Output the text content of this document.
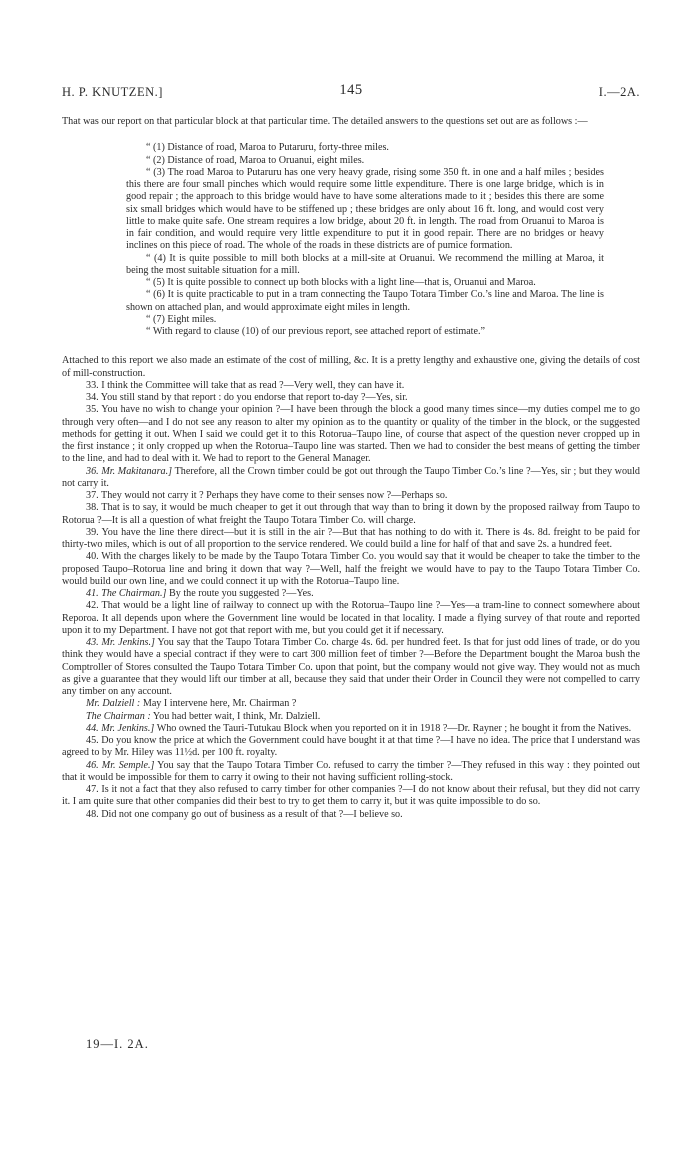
H. P. KNUTZEN.]	145	I.—2A.

That was our report on that particular block at that particular time. The detailed answers to the questions set out are as follows :—

“ (1) Distance of road, Maroa to Putaruru, forty-three miles.

“ (2) Distance of road, Maroa to Oruanui, eight miles.

“ (3) The road Maroa to Putaruru has one very heavy grade, rising some 350 ft. in one and a half miles ; besides this there are four small pinches which would require some little expenditure. There is one large bridge, which is in good repair ; the approach to this bridge would have to have some alterations made to it ; besides this there are some six small bridges which would have to be stiffened up ; these bridges are only about 16 ft. long, and would cost very little to make quite safe. One stream requires a low bridge, about 20 ft. in length. The road from Oruanui to Maroa is in fair condition, and would require very little expenditure to put it in good repair. There are no bridges or heavy inclines on this piece of road. The whole of the roads in these districts are of pumice formation.

“ (4) It is quite possible to mill both blocks at a mill-site at Oruanui. We recommend the milling at Maroa, it being the most suitable situation for a mill.

“ (5) It is quite possible to connect up both blocks with a light line—that is, Oruanui and Maroa.

“ (6) It is quite practicable to put in a tram connecting the Taupo Totara Timber Co.’s line and Maroa. The line is shown on attached plan, and would approximate eight miles in length.

“ (7) Eight miles.

“ With regard to clause (10) of our previous report, see attached report of estimate.”

Attached to this report we also made an estimate of the cost of milling, &c. It is a pretty lengthy and exhaustive one, giving the details of cost of mill-construction.

33. I think the Committee will take that as read ?—Very well, they can have it.

34. You still stand by that report : do you endorse that report to-day ?—Yes, sir.

35. You have no wish to change your opinion ?—I have been through the block a good many times since—my duties compel me to go through very often—and I do not see any reason to alter my opinion as to the quantity or quality of the timber in the block, or the suggested methods for getting it out. When I said we could get it to this Rotorua–Taupo line, of course that aspect of the question never cropped up in the first instance ; it only cropped up when the Rotorua–Taupo line was started. Then we had to consider the best means of getting the timber to the line, and had to deal with it. We had to report to the General Manager.

36. Mr. Makitanara.] Therefore, all the Crown timber could be got out through the Taupo Timber Co.’s line ?—Yes, sir ; but they would not carry it.

37. They would not carry it ? Perhaps they have come to their senses now ?—Perhaps so.

38. That is to say, it would be much cheaper to get it out through that way than to bring it down by the proposed railway from Taupo to Rotorua ?—It is all a question of what freight the Taupo Totara Timber Co. will charge.

39. You have the line there direct—but it is still in the air ?—But that has nothing to do with it. There is 4s. 8d. freight to be paid for thirty-two miles, which is out of all proportion to the service rendered. We could build a line for half of that and save 2s. a hundred feet.

40. With the charges likely to be made by the Taupo Totara Timber Co. you would say that it would be cheaper to take the timber to the proposed Taupo–Rotorua line and bring it down that way ?—Well, half the freight we would have to pay to the Taupo Totara Timber Co. would build our own line, and we could connect it up with the Rotorua–Taupo line.

41. The Chairman.] By the route you suggested ?—Yes.

42. That would be a light line of railway to connect up with the Rotorua–Taupo line ?—Yes—a tram-line to connect somewhere about Reporoa. It all depends upon where the Government line would be located in that locality. I made a flying survey of that route and reported upon it to my Department. I have not got that report with me, but you could get it if necessary.

43. Mr. Jenkins.] You say that the Taupo Totara Timber Co. charge 4s. 6d. per hundred feet. Is that for just odd lines of trade, or do you think they would have a special contract if they were to cart 300 million feet of timber ?—Before the Department bought the Maroa bush the Comptroller of Stores consulted the Taupo Totara Timber Co. upon that point, but the company would not give way. They would not as much as give a guarantee that they would lift our timber at all, because they said that under their Order in Council they were not compelled to carry any timber on any account.

Mr. Dalziell : May I intervene here, Mr. Chairman ?

The Chairman : You had better wait, I think, Mr. Dalziell.

44. Mr. Jenkins.] Who owned the Tauri-Tutukau Block when you reported on it in 1918 ?—Dr. Rayner ; he bought it from the Natives.

45. Do you know the price at which the Government could have bought it at that time ?—I have no idea. The price that I understand was agreed to by Mr. Hiley was 11½d. per 100 ft. royalty.

46. Mr. Semple.] You say that the Taupo Totara Timber Co. refused to carry the timber ?—They refused in this way : they pointed out that it would be impossible for them to carry it owing to their not having sufficient rolling-stock.

47. Is it not a fact that they also refused to carry timber for other companies ?—I do not know about their refusal, but they did not carry it. I am quite sure that other companies did their best to try to get them to carry it, but it was quite impossible to do so.

48. Did not one company go out of business as a result of that ?—I believe so.

19—I. 2A.
